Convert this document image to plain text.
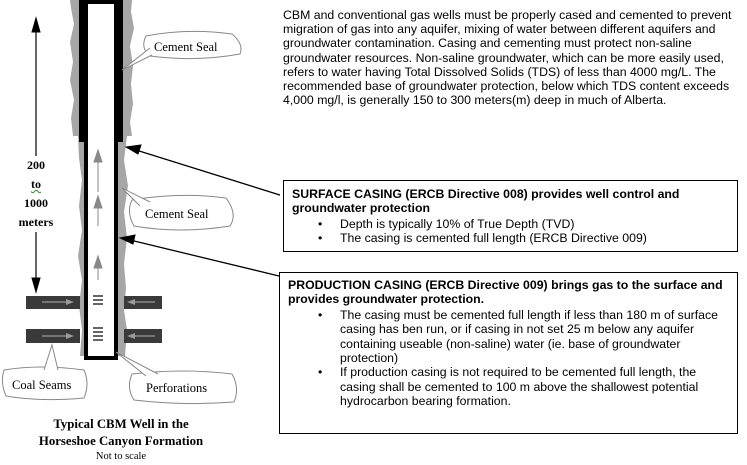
Cement Seal
Cement Seal
Coal Seams	Perforations
200
to
1000
meters
CBM and conventional gas wells must be properly cased and cemented to prevent migration of gas into any aquifer, mixing of water between different aquifers and groundwater contamination. Casing and cementing must protect non-saline groundwater resources. Non-saline groundwater, which can be more easily used, refers to water having Total Dissolved Solids (TDS) of less than 4000 mg/L. The recommended base of groundwater protection, below which TDS content exceeds 4,000 mg/l, is generally 150 to 300 meters(m) deep in much of Alberta.
SURFACE CASING (ERCB Directive 008) provides well control and groundwater protection
• Depth is typically 10% of True Depth (TVD)
• The casing is cemented full length (ERCB Directive 009)
PRODUCTION CASING (ERCB Directive 009) brings gas to the surface and provides groundwater protection.
• The casing must be cemented full length if less than 180 m of surface casing has ben run, or if casing in not set 25 m below any aquifer containing useable (non-saline) water (ie. base of groundwater protection)
• If production casing is not required to be cemented full length, the casing shall be cemented to 100 m above the shallowest potential hydrocarbon bearing formation.
Typical CBM Well in the
Horseshoe Canyon Formation
Not to scale
